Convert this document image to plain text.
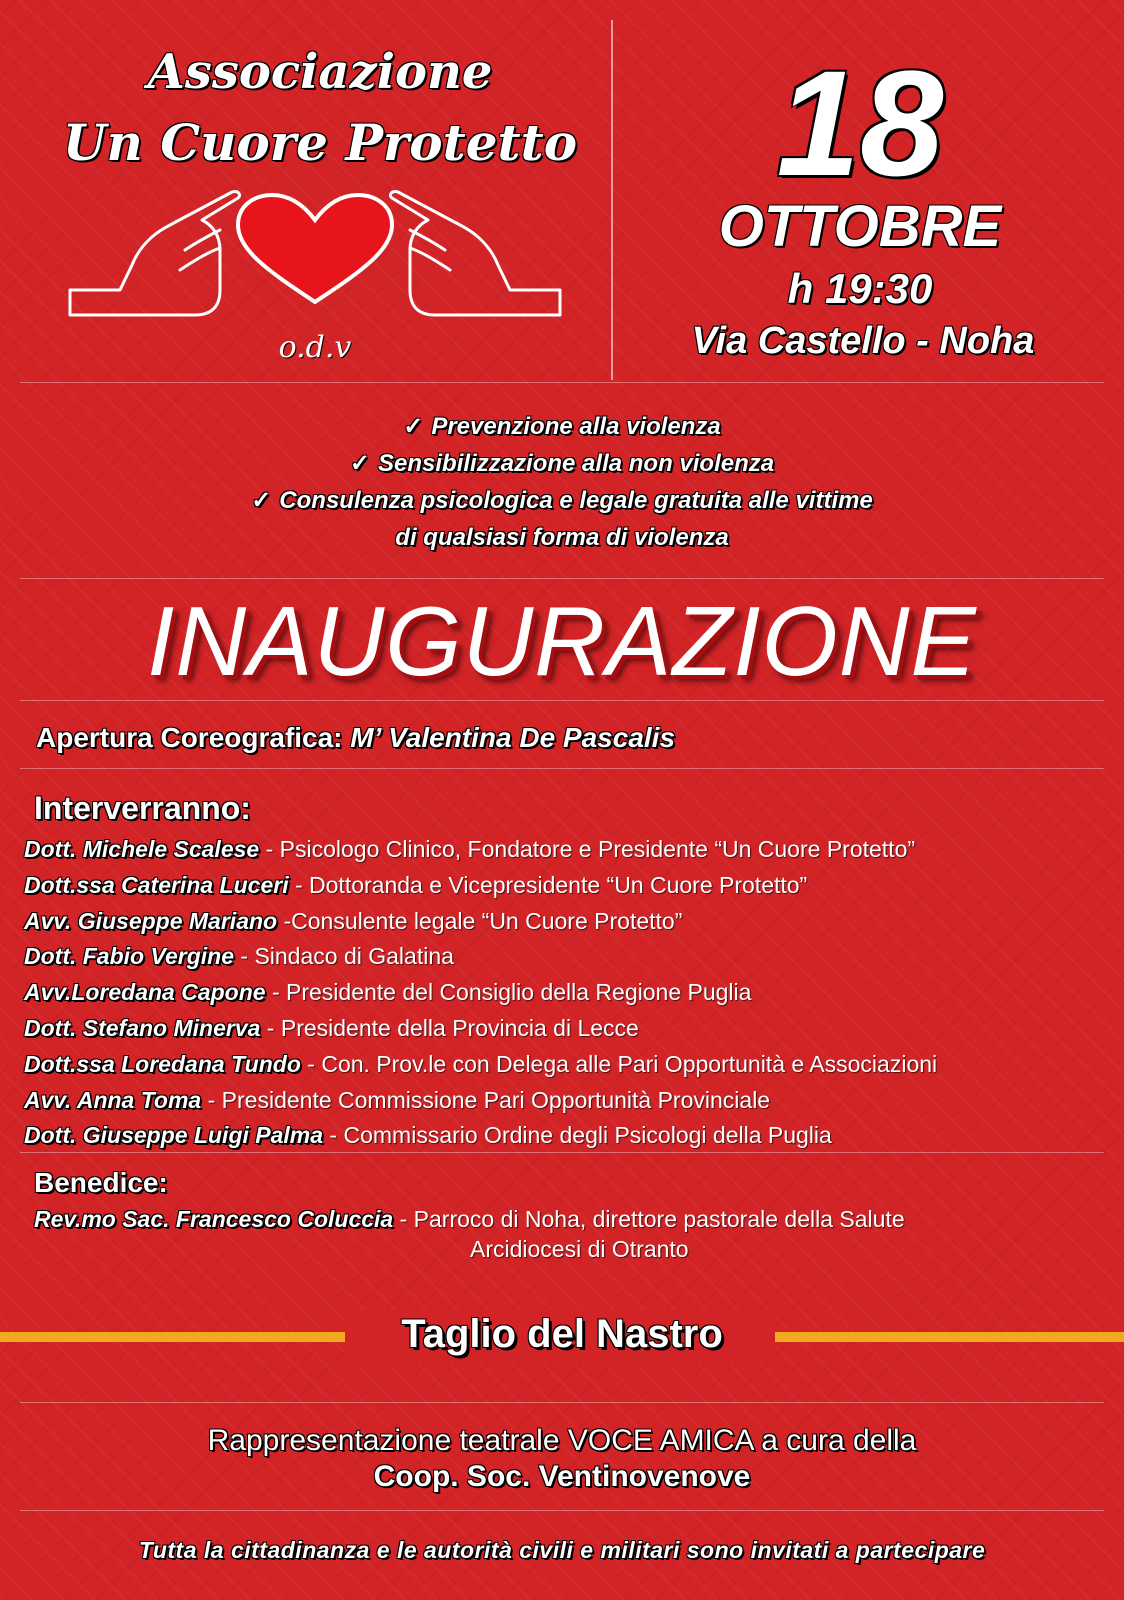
Associazione
Un Cuore Protetto
o.d.v
18
OTTOBRE
h 19:30
Via Castello - Noha
✓ Prevenzione alla violenza
✓ Sensibilizzazione alla non violenza
✓ Consulenza psicologica e legale gratuita alle vittime
di qualsiasi forma di violenza
INAUGURAZIONE
Apertura Coreografica: M’ Valentina De Pascalis
Interverranno:
Dott. Michele Scalese - Psicologo Clinico, Fondatore e Presidente “Un Cuore Protetto”
Dott.ssa Caterina Luceri - Dottoranda e Vicepresidente “Un Cuore Protetto”
Avv. Giuseppe Mariano -Consulente legale “Un Cuore Protetto”
Dott. Fabio Vergine - Sindaco di Galatina
Avv.Loredana Capone - Presidente del Consiglio della Regione Puglia
Dott. Stefano Minerva - Presidente della Provincia di Lecce
Dott.ssa Loredana Tundo - Con. Prov.le con Delega alle Pari Opportunità e Associazioni
Avv. Anna Toma - Presidente Commissione Pari Opportunità Provinciale
Dott. Giuseppe Luigi Palma - Commissario Ordine degli Psicologi della Puglia
Benedice:
Rev.mo Sac. Francesco Coluccia - Parroco di Noha, direttore pastorale della Salute
Arcidiocesi di Otranto
Taglio del Nastro
Rappresentazione teatrale VOCE AMICA a cura della
Coop. Soc. Ventinovenove
Tutta la cittadinanza e le autorità civili e militari sono invitati a partecipare
